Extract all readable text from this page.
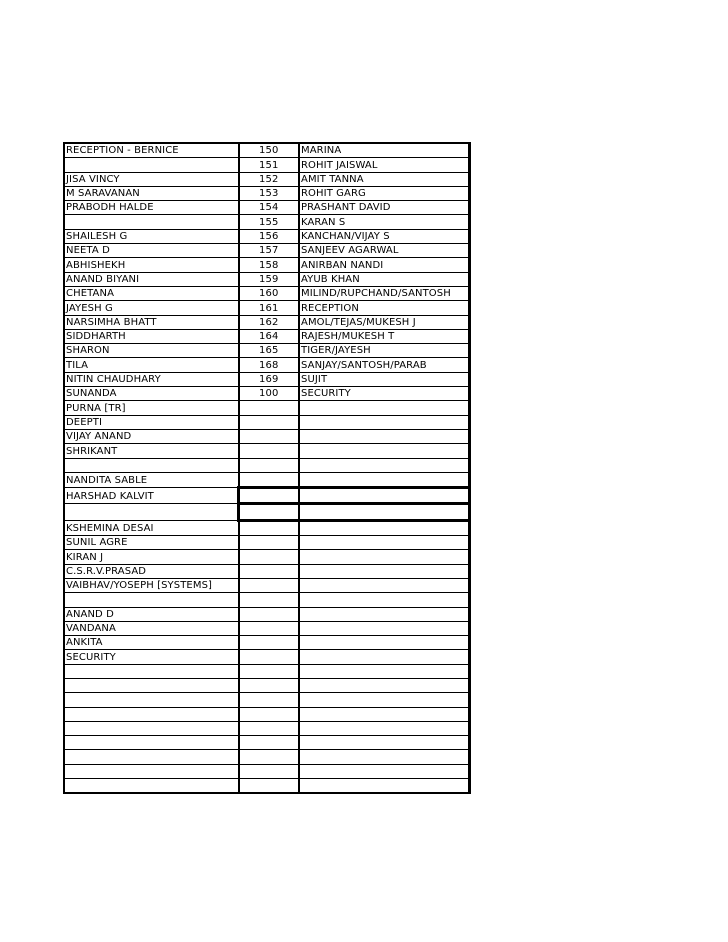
RECEPTION - BERNICE	150	MARINA
	151	ROHIT JAISWAL
JISA VINCY	152	AMIT TANNA
M SARAVANAN	153	ROHIT GARG
PRABODH HALDE	154	PRASHANT DAVID
	155	KARAN S
SHAILESH G	156	KANCHAN/VIJAY S
NEETA D	157	SANJEEV AGARWAL
ABHISHEKH	158	ANIRBAN NANDI
ANAND BIYANI	159	AYUB KHAN
CHETANA	160	MILIND/RUPCHAND/SANTOSH
JAYESH G	161	RECEPTION
NARSIMHA BHATT	162	AMOL/TEJAS/MUKESH J
SIDDHARTH	164	RAJESH/MUKESH T
SHARON	165	TIGER/JAYESH
TILA	168	SANJAY/SANTOSH/PARAB
NITIN CHAUDHARY	169	SUJIT
SUNANDA	100	SECURITY
PURNA [TR]		
DEEPTI		
VIJAY ANAND		
SHRIKANT		

NANDITA SABLE		
HARSHAD KALVIT		

KSHEMINA DESAI		
SUNIL AGRE		
KIRAN J		
C.S.R.V.PRASAD		
VAIBHAV/YOSEPH [SYSTEMS]		

ANAND D		
VANDANA		
ANKITA		
SECURITY		
